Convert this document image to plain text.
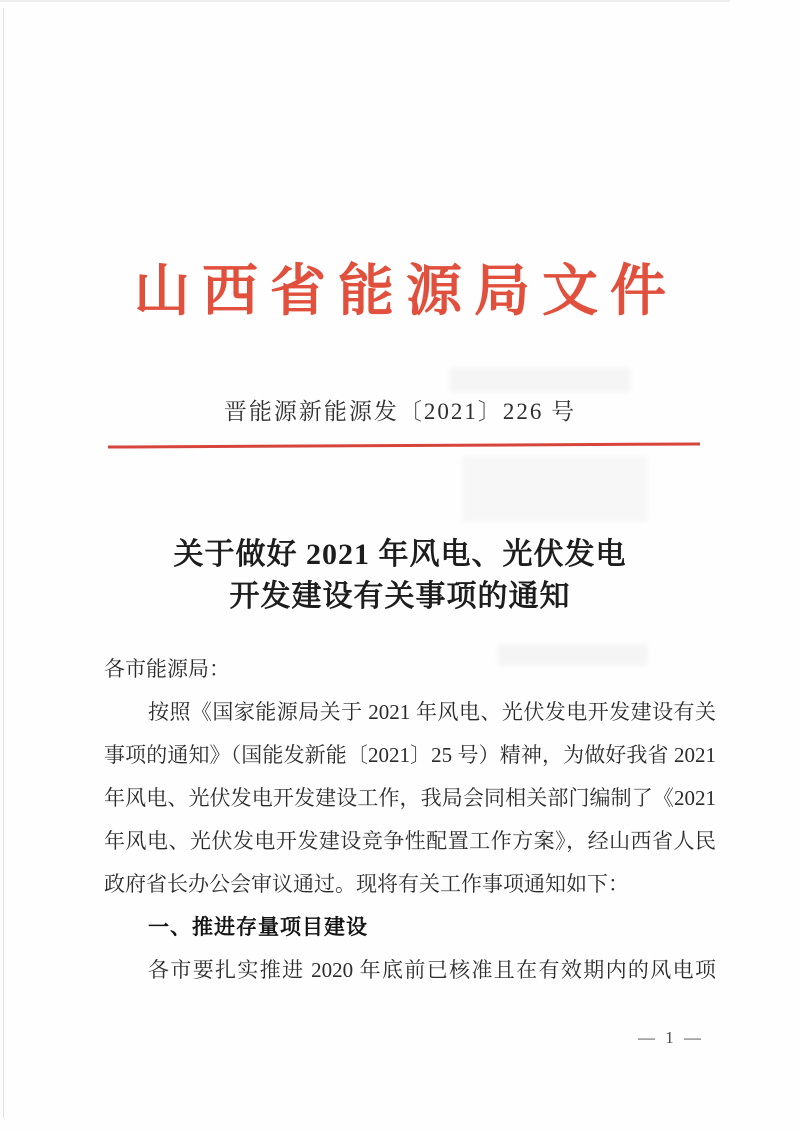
山西省能源局文件
晋能源新能源发〔2021〕226 号
关于做好 2021 年风电、光伏发电
开发建设有关事项的通知
各市能源局：
按照《国家能源局关于 2021 年风电、光伏发电开发建设有关
事项的通知》（国能发新能〔2021〕25 号）精神，为做好我省 2021
年风电、光伏发电开发建设工作，我局会同相关部门编制了《2021
年风电、光伏发电开发建设竞争性配置工作方案》，经山西省人民
政府省长办公会审议通过。现将有关工作事项通知如下：
一、推进存量项目建设
各市要扎实推进 2020 年底前已核准且在有效期内的风电项
— 1 —
